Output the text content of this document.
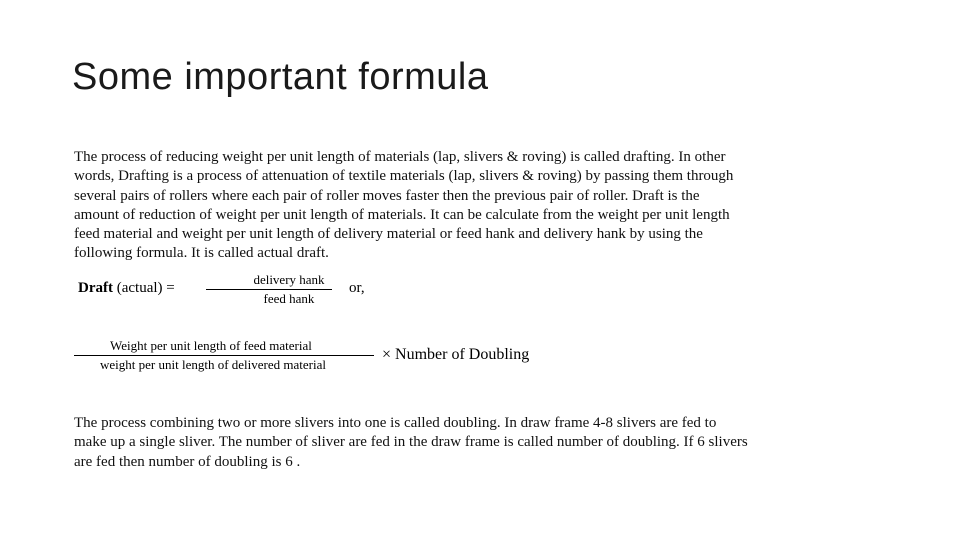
Some important formula
The process of reducing weight per unit length of materials (lap, slivers & roving) is called drafting. In other
words, Drafting is a process of attenuation of textile materials (lap, slivers & roving) by passing them through
several pairs of rollers where each pair of roller moves faster then the previous pair of roller. Draft is the
amount of reduction of weight per unit length of materials. It can be calculate from the weight per unit length
feed material and weight per unit length of delivery material or feed hank and delivery hank by using the
following formula. It is called actual draft.
Draft (actual) =
delivery hank
feed hank
or,
Weight per unit length of feed material
weight per unit length of delivered material
× Number of Doubling
The process combining two or more slivers into one is called doubling. In draw frame 4-8 slivers are fed to
make up a single sliver. The number of sliver are fed in the draw frame is called number of doubling. If 6 slivers
are fed then number of doubling is 6 .
